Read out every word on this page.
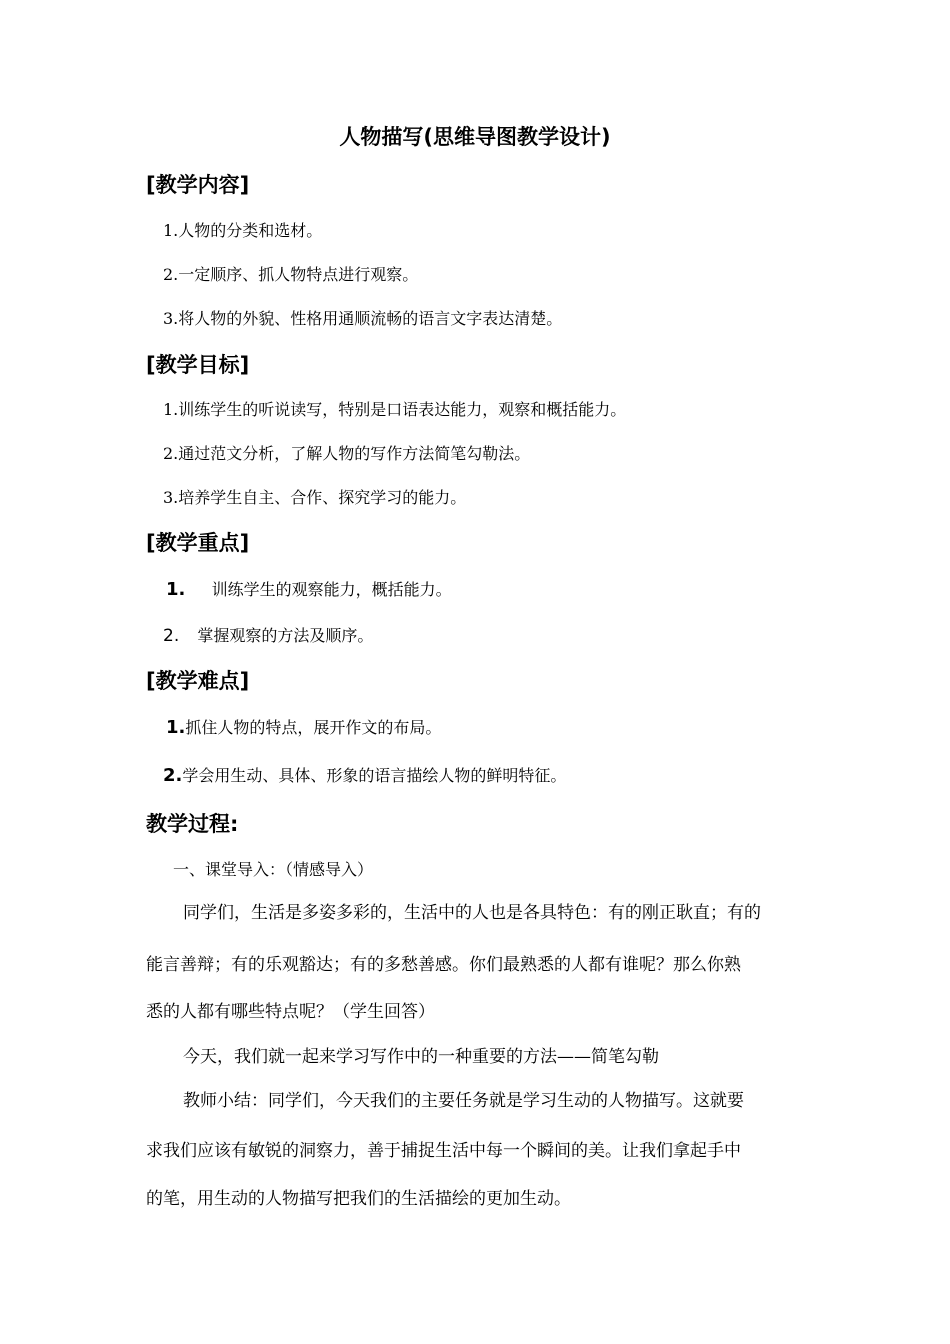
人物描写(思维导图教学设计)
[教学内容]
1.人物的分类和选材。
2.一定顺序、抓人物特点进行观察。
3.将人物的外貌、性格用通顺流畅的语言文字表达清楚。
[教学目标]
1.训练学生的听说读写，特别是口语表达能力，观察和概括能力。
2.通过范文分析，了解人物的写作方法简笔勾勒法。
3.培养学生自主、合作、探究学习的能力。
[教学重点]
1. 训练学生的观察能力，概括能力。
2. 掌握观察的方法及顺序。
[教学难点]
1.抓住人物的特点，展开作文的布局。
2.学会用生动、具体、形象的语言描绘人物的鲜明特征。
教学过程:
一、课堂导入：（情感导入）
同学们，生活是多姿多彩的，生活中的人也是各具特色：有的刚正耿直；有的
能言善辩；有的乐观豁达；有的多愁善感。你们最熟悉的人都有谁呢？那么你熟
悉的人都有哪些特点呢？（学生回答）
今天，我们就一起来学习写作中的一种重要的方法——简笔勾勒
教师小结：同学们，今天我们的主要任务就是学习生动的人物描写。这就要
求我们应该有敏锐的洞察力，善于捕捉生活中每一个瞬间的美。让我们拿起手中
的笔，用生动的人物描写把我们的生活描绘的更加生动。
